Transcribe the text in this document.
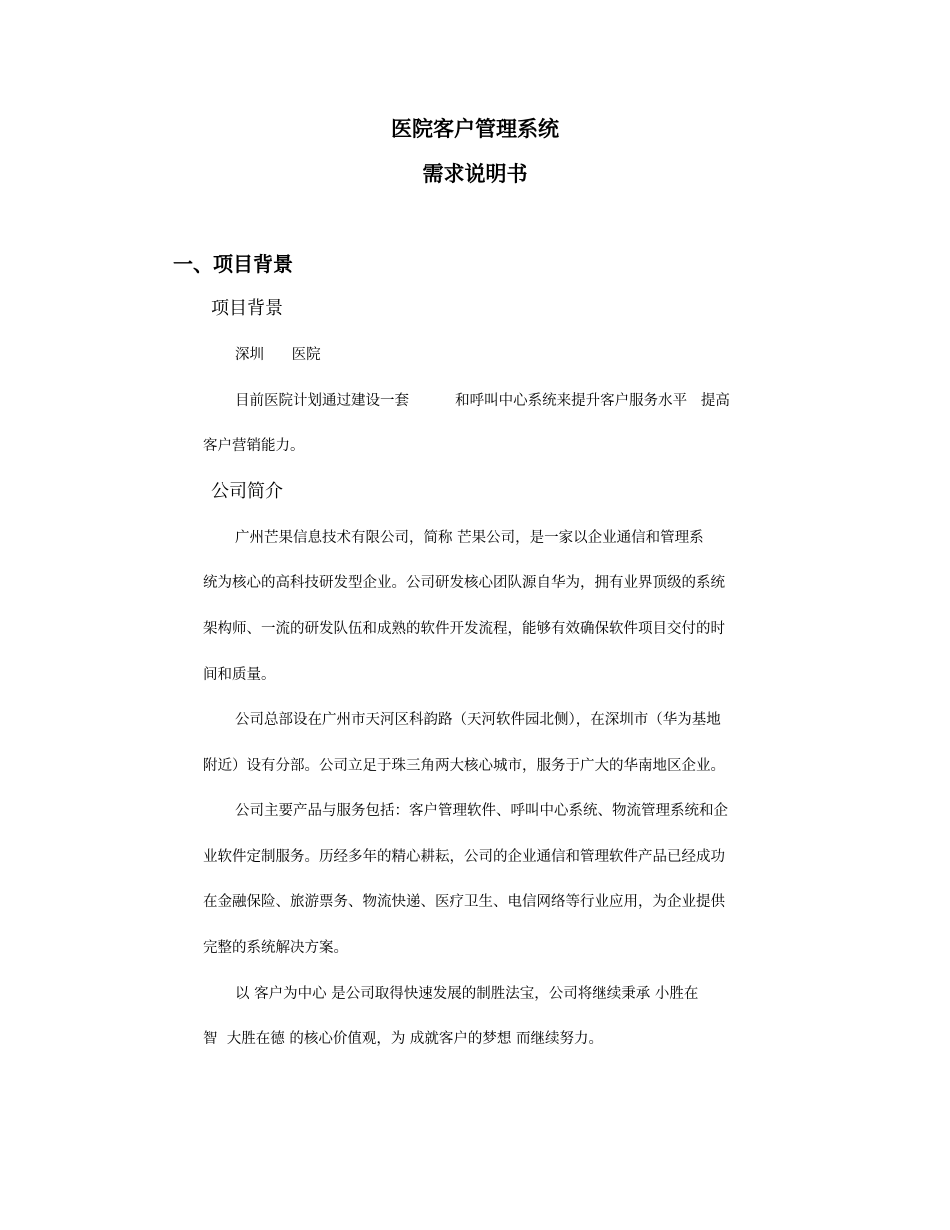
医院客户管理系统
需求说明书
一、项目背景
项目背景
深圳      医院
目前医院计划通过建设一套          和呼叫中心系统来提升客户服务水平   提高
客户营销能力。
公司简介
广州芒果信息技术有限公司，简称 芒果公司，是一家以企业通信和管理系
统为核心的高科技研发型企业。公司研发核心团队源自华为，拥有业界顶级的系统
架构师、一流的研发队伍和成熟的软件开发流程，能够有效确保软件项目交付的时
间和质量。
公司总部设在广州市天河区科韵路（天河软件园北侧），在深圳市（华为基地
附近）设有分部。公司立足于珠三角两大核心城市，服务于广大的华南地区企业。
公司主要产品与服务包括：客户管理软件、呼叫中心系统、物流管理系统和企
业软件定制服务。历经多年的精心耕耘，公司的企业通信和管理软件产品已经成功
在金融保险、旅游票务、物流快递、医疗卫生、电信网络等行业应用，为企业提供
完整的系统解决方案。
以 客户为中心 是公司取得快速发展的制胜法宝，公司将继续秉承 小胜在
智  大胜在德 的核心价值观，为 成就客户的梦想 而继续努力。
